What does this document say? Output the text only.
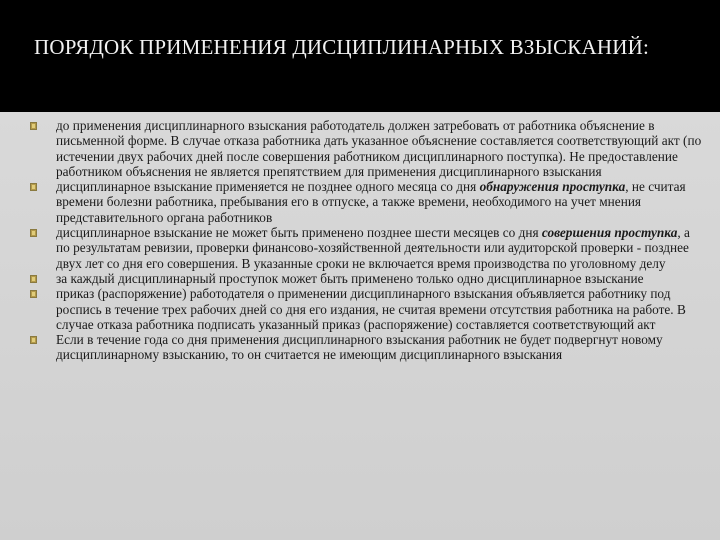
ПОРЯДОК ПРИМЕНЕНИЯ ДИСЦИПЛИНАРНЫХ ВЗЫСКАНИЙ:
до применения дисциплинарного взыскания работодатель должен затребовать от работника объяснение в письменной форме. В случае отказа работника дать указанное объяснение составляется соответствующий акт (по истечении двух рабочих дней после совершения работником дисциплинарного поступка). Не предоставление работником объяснения не является препятствием для применения дисциплинарного взыскания
дисциплинарное взыскание применяется не позднее одного месяца со дня обнаружения проступка, не считая времени болезни работника, пребывания его в отпуске, а также времени, необходимого на учет мнения представительного органа работников
дисциплинарное взыскание не может быть применено позднее шести месяцев со дня совершения проступка, а по результатам ревизии, проверки финансово-хозяйственной деятельности или аудиторской проверки - позднее двух лет со дня его совершения. В указанные сроки не включается время производства по уголовному делу
за каждый дисциплинарный проступок может быть применено только одно дисциплинарное взыскание
приказ (распоряжение) работодателя о применении дисциплинарного взыскания объявляется работнику под роспись в течение трех рабочих дней со дня его издания, не считая времени отсутствия работника на работе. В случае отказа работника подписать указанный приказ (распоряжение) составляется соответствующий акт
Если в течение года со дня применения дисциплинарного взыскания работник не будет подвергнут новому дисциплинарному взысканию, то он считается не имеющим дисциплинарного взыскания
